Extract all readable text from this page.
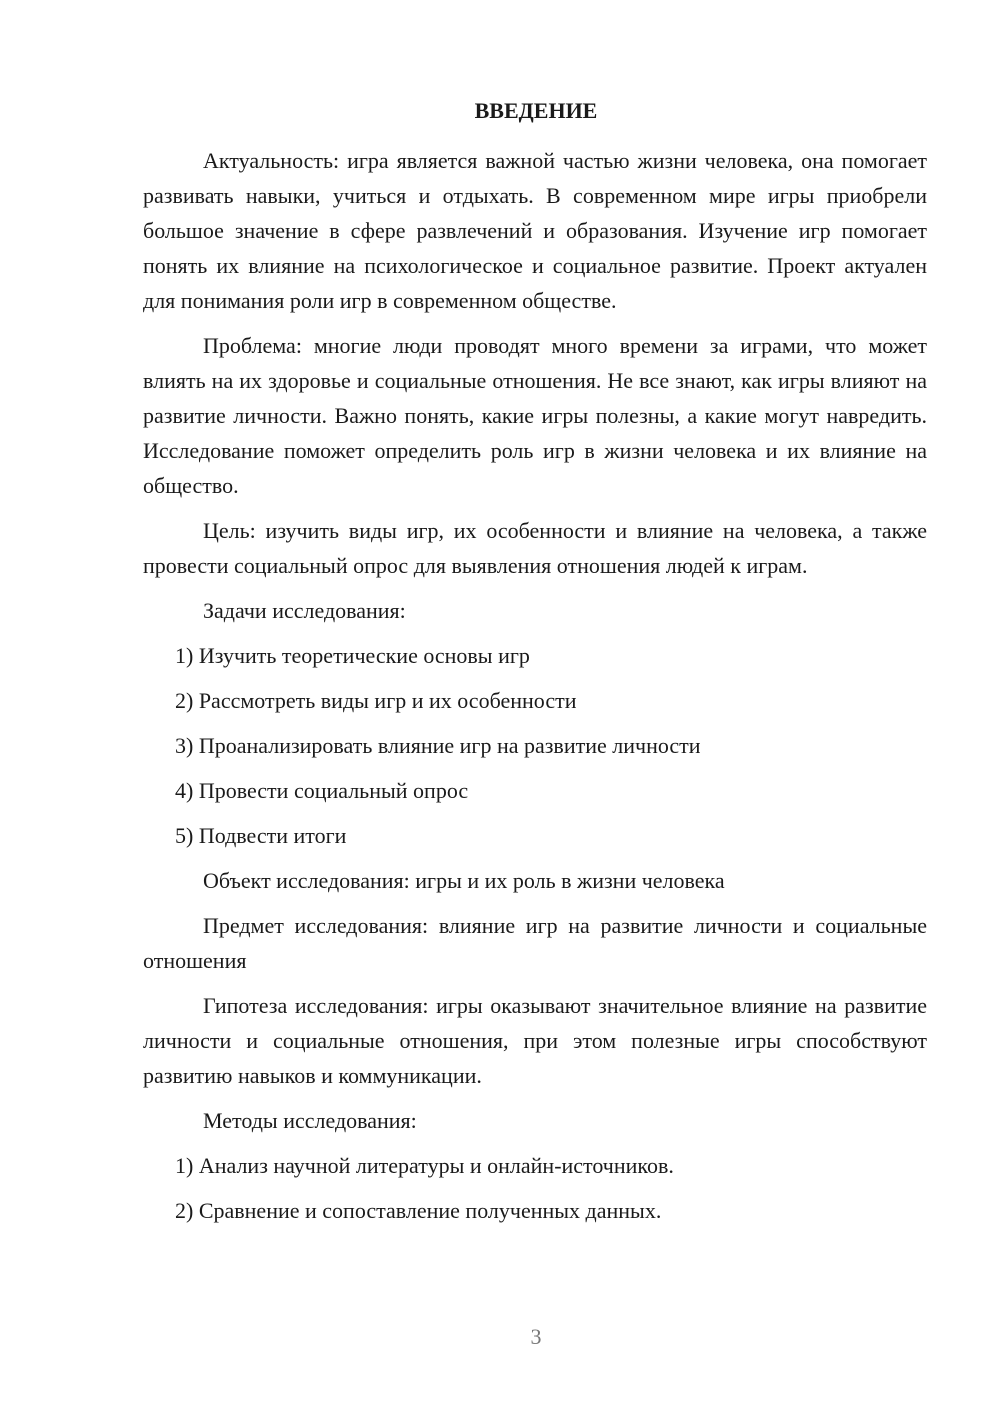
ВВЕДЕНИЕ

Актуальность: игра является важной частью жизни человека, она помогает развивать навыки, учиться и отдыхать. В современном мире игры приобрели большое значение в сфере развлечений и образования. Изучение игр помогает понять их влияние на психологическое и социальное развитие. Проект актуален для понимания роли игр в современном обществе.

Проблема: многие люди проводят много времени за играми, что может влиять на их здоровье и социальные отношения. Не все знают, как игры влияют на развитие личности. Важно понять, какие игры полезны, а какие могут навредить. Исследование поможет определить роль игр в жизни человека и их влияние на общество.

Цель: изучить виды игр, их особенности и влияние на человека, а также провести социальный опрос для выявления отношения людей к играм.

Задачи исследования:

1) Изучить теоретические основы игр
2) Рассмотреть виды игр и их особенности
3) Проанализировать влияние игр на развитие личности
4) Провести социальный опрос
5) Подвести итоги

Объект исследования: игры и их роль в жизни человека

Предмет исследования: влияние игр на развитие личности и социальные отношения

Гипотеза исследования: игры оказывают значительное влияние на развитие личности и социальные отношения, при этом полезные игры способствуют развитию навыков и коммуникации.

Методы исследования:

1) Анализ научной литературы и онлайн-источников.
2) Сравнение и сопоставление полученных данных.
3
